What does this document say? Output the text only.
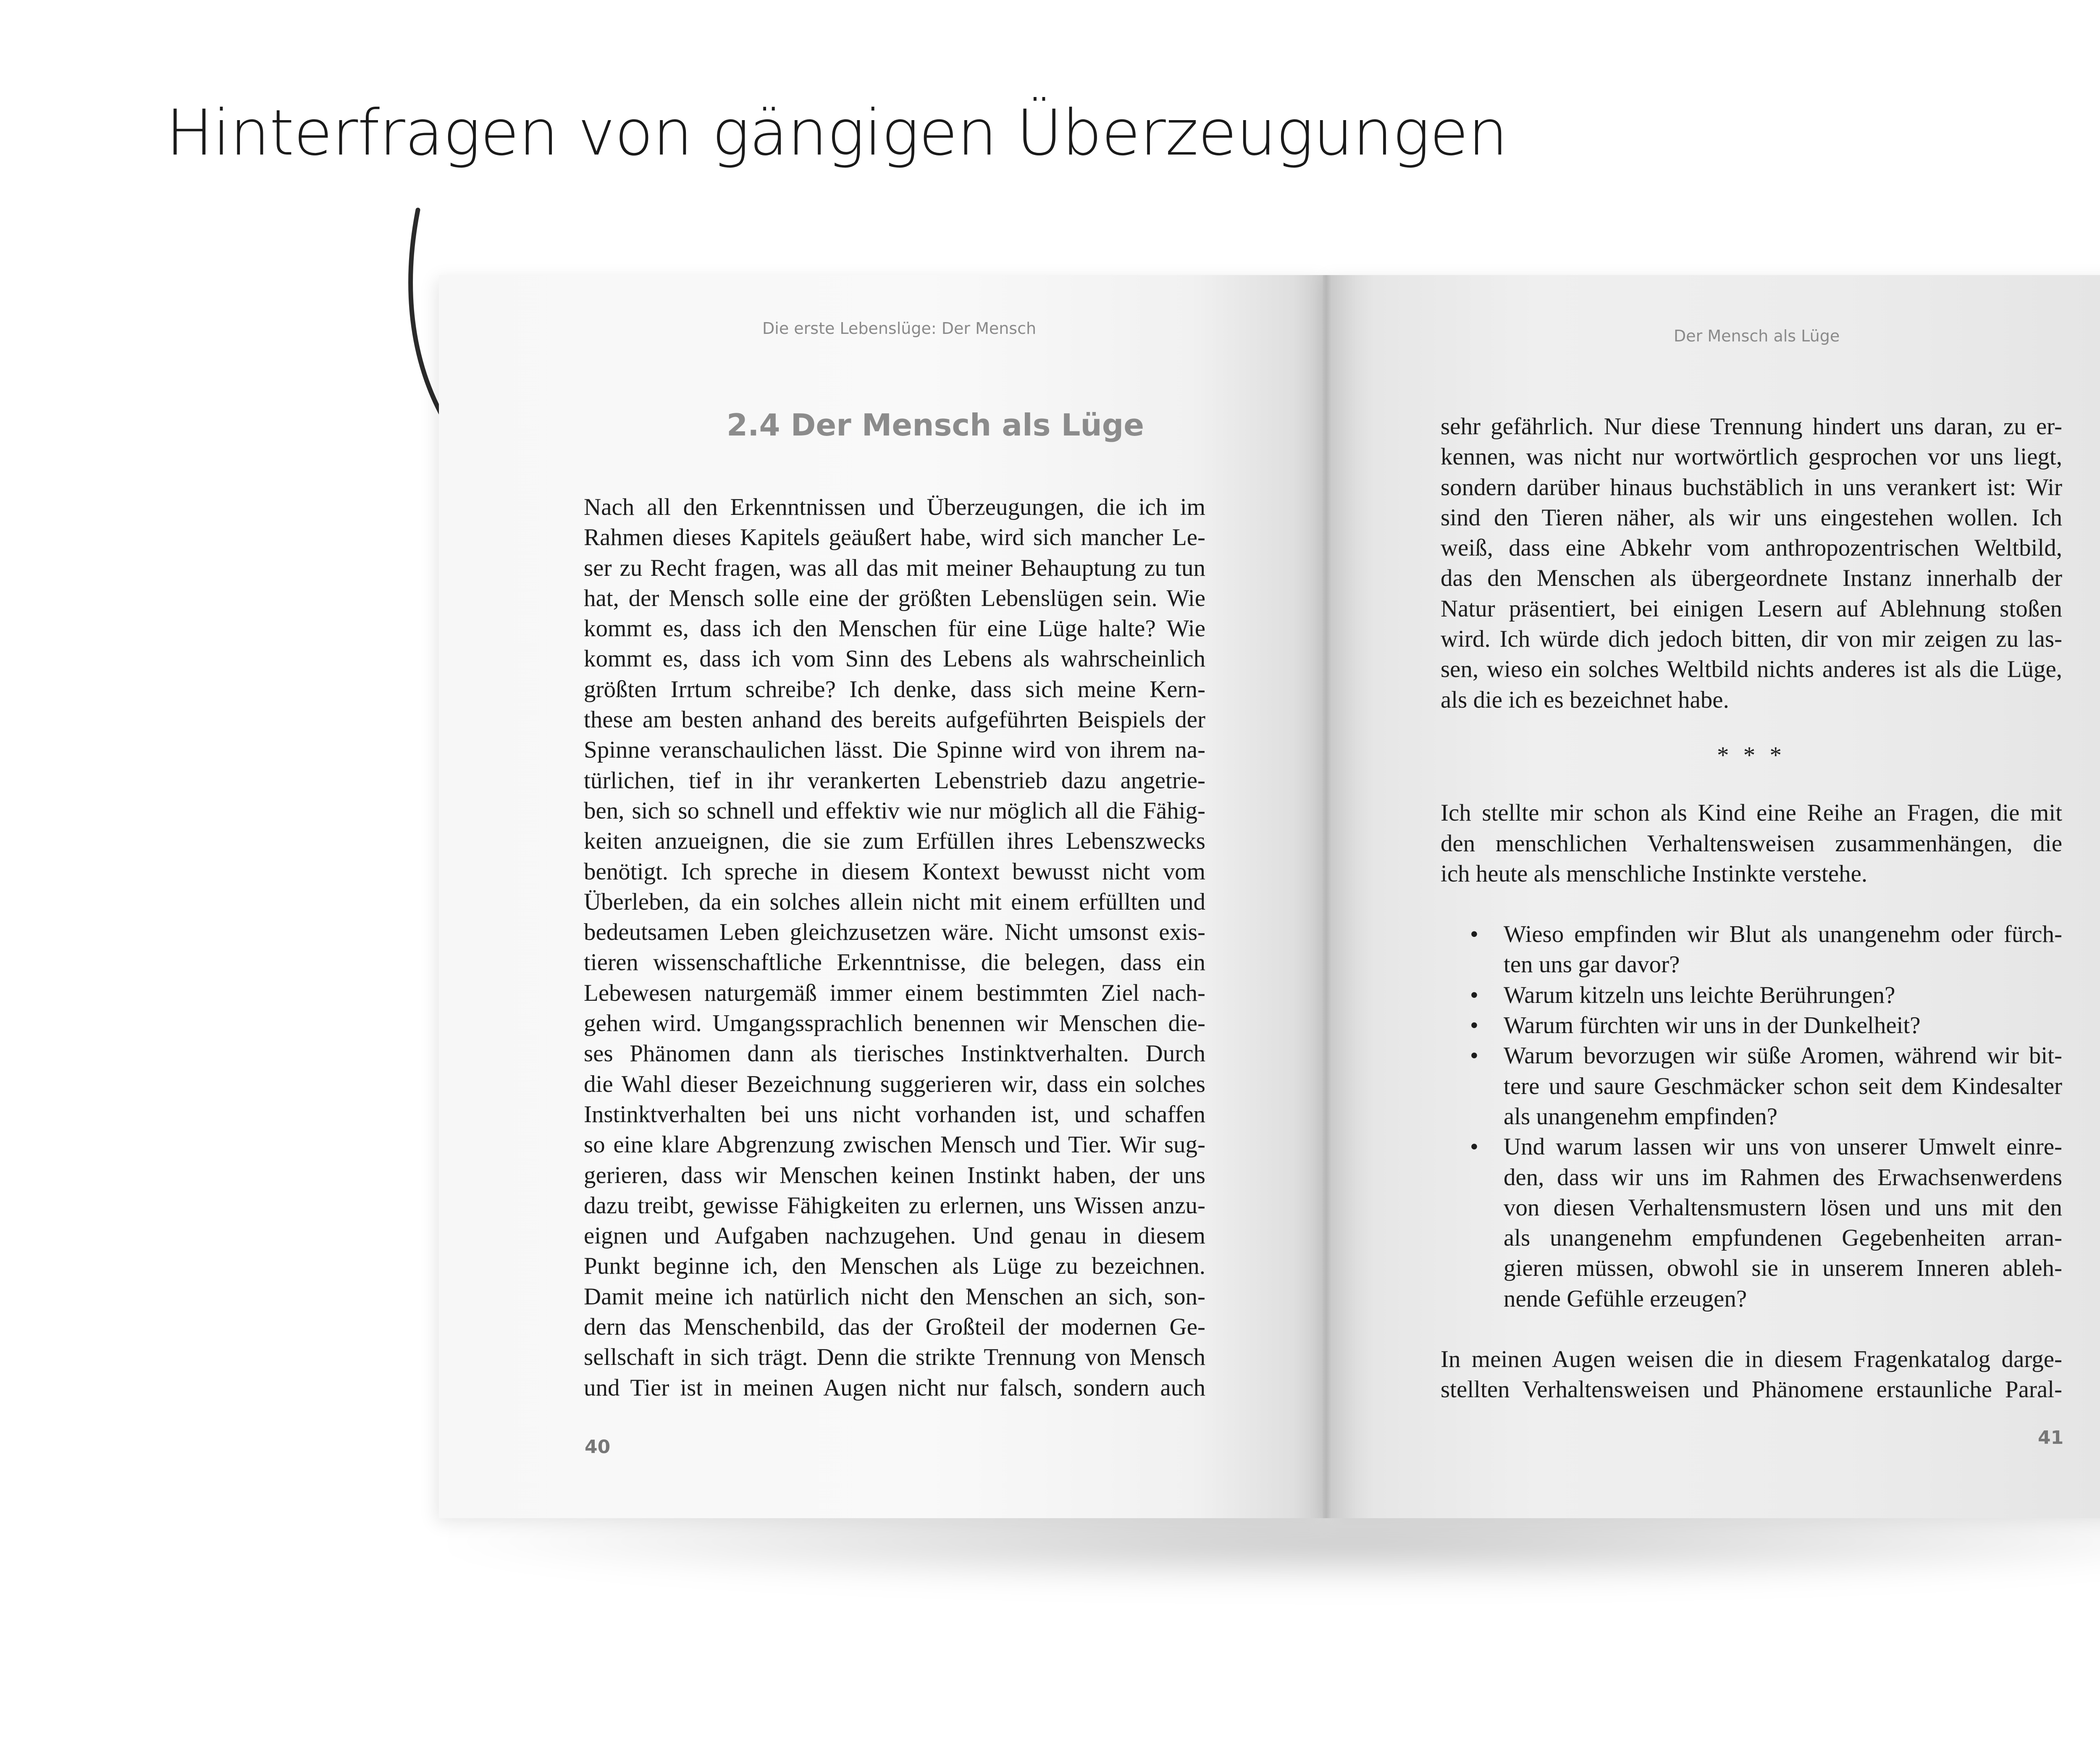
Hinterfragen von gängigen Überzeugungen
Die erste Lebenslüge: Der Mensch	Der Mensch als Lüge
2.4 Der Mensch als Lüge
Nach all den Erkenntnissen und Überzeugungen, die ich im
Rahmen dieses Kapitels geäußert habe, wird sich mancher Le-
ser zu Recht fragen, was all das mit meiner Behauptung zu tun
hat, der Mensch solle eine der größten Lebenslügen sein. Wie
kommt es, dass ich den Menschen für eine Lüge halte? Wie
kommt es, dass ich vom Sinn des Lebens als wahrscheinlich
größten Irrtum schreibe? Ich denke, dass sich meine Kern-
these am besten anhand des bereits aufgeführten Beispiels der
Spinne veranschaulichen lässt. Die Spinne wird von ihrem na-
türlichen, tief in ihr verankerten Lebenstrieb dazu angetrie-
ben, sich so schnell und effektiv wie nur möglich all die Fähig-
keiten anzueignen, die sie zum Erfüllen ihres Lebenszwecks
benötigt. Ich spreche in diesem Kontext bewusst nicht vom
Überleben, da ein solches allein nicht mit einem erfüllten und
bedeutsamen Leben gleichzusetzen wäre. Nicht umsonst exis-
tieren wissenschaftliche Erkenntnisse, die belegen, dass ein
Lebewesen naturgemäß immer einem bestimmten Ziel nach-
gehen wird. Umgangssprachlich benennen wir Menschen die-
ses Phänomen dann als tierisches Instinktverhalten. Durch
die Wahl dieser Bezeichnung suggerieren wir, dass ein solches
Instinktverhalten bei uns nicht vorhanden ist, und schaffen
so eine klare Abgrenzung zwischen Mensch und Tier. Wir sug-
gerieren, dass wir Menschen keinen Instinkt haben, der uns
dazu treibt, gewisse Fähigkeiten zu erlernen, uns Wissen anzu-
eignen und Aufgaben nachzugehen. Und genau in diesem
Punkt beginne ich, den Menschen als Lüge zu bezeichnen.
Damit meine ich natürlich nicht den Menschen an sich, son-
dern das Menschenbild, das der Großteil der modernen Ge-
sellschaft in sich trägt. Denn die strikte Trennung von Mensch
und Tier ist in meinen Augen nicht nur falsch, sondern auch
sehr gefährlich. Nur diese Trennung hindert uns daran, zu er-
kennen, was nicht nur wortwörtlich gesprochen vor uns liegt,
sondern darüber hinaus buchstäblich in uns verankert ist: Wir
sind den Tieren näher, als wir uns eingestehen wollen. Ich
weiß, dass eine Abkehr vom anthropozentrischen Weltbild,
das den Menschen als übergeordnete Instanz innerhalb der
Natur präsentiert, bei einigen Lesern auf Ablehnung stoßen
wird. Ich würde dich jedoch bitten, dir von mir zeigen zu las-
sen, wieso ein solches Weltbild nichts anderes ist als die Lüge,
als die ich es bezeichnet habe.
* * *
Ich stellte mir schon als Kind eine Reihe an Fragen, die mit
den menschlichen Verhaltensweisen zusammenhängen, die
ich heute als menschliche Instinkte verstehe.
• Wieso empfinden wir Blut als unangenehm oder fürch-
ten uns gar davor?
• Warum kitzeln uns leichte Berührungen?
• Warum fürchten wir uns in der Dunkelheit?
• Warum bevorzugen wir süße Aromen, während wir bit-
tere und saure Geschmäcker schon seit dem Kindesalter
als unangenehm empfinden?
• Und warum lassen wir uns von unserer Umwelt einre-
den, dass wir uns im Rahmen des Erwachsenwerdens
von diesen Verhaltensmustern lösen und uns mit den
als unangenehm empfundenen Gegebenheiten arran-
gieren müssen, obwohl sie in unserem Inneren ableh-
nende Gefühle erzeugen?
In meinen Augen weisen die in diesem Fragenkatalog darge-
stellten Verhaltensweisen und Phänomene erstaunliche Paral-
40	41
